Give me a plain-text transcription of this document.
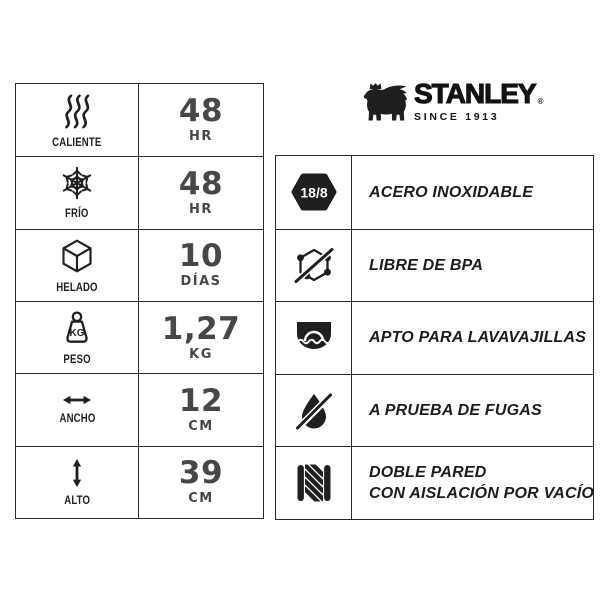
STANLEY ®
SINCE 1913
CALIENTE
48
HR
FRÍO
48
HR
HELADO
10
DÍAS
KG
PESO
1,27
KG
ANCHO	12
CM
ALTO
39
CM
18/8	ACERO INOXIDABLE
LIBRE DE BPA
APTO PARA LAVAVAJILLAS
A PRUEBA DE FUGAS
DOBLE PARED
CON AISLACIÓN POR VACÍO
